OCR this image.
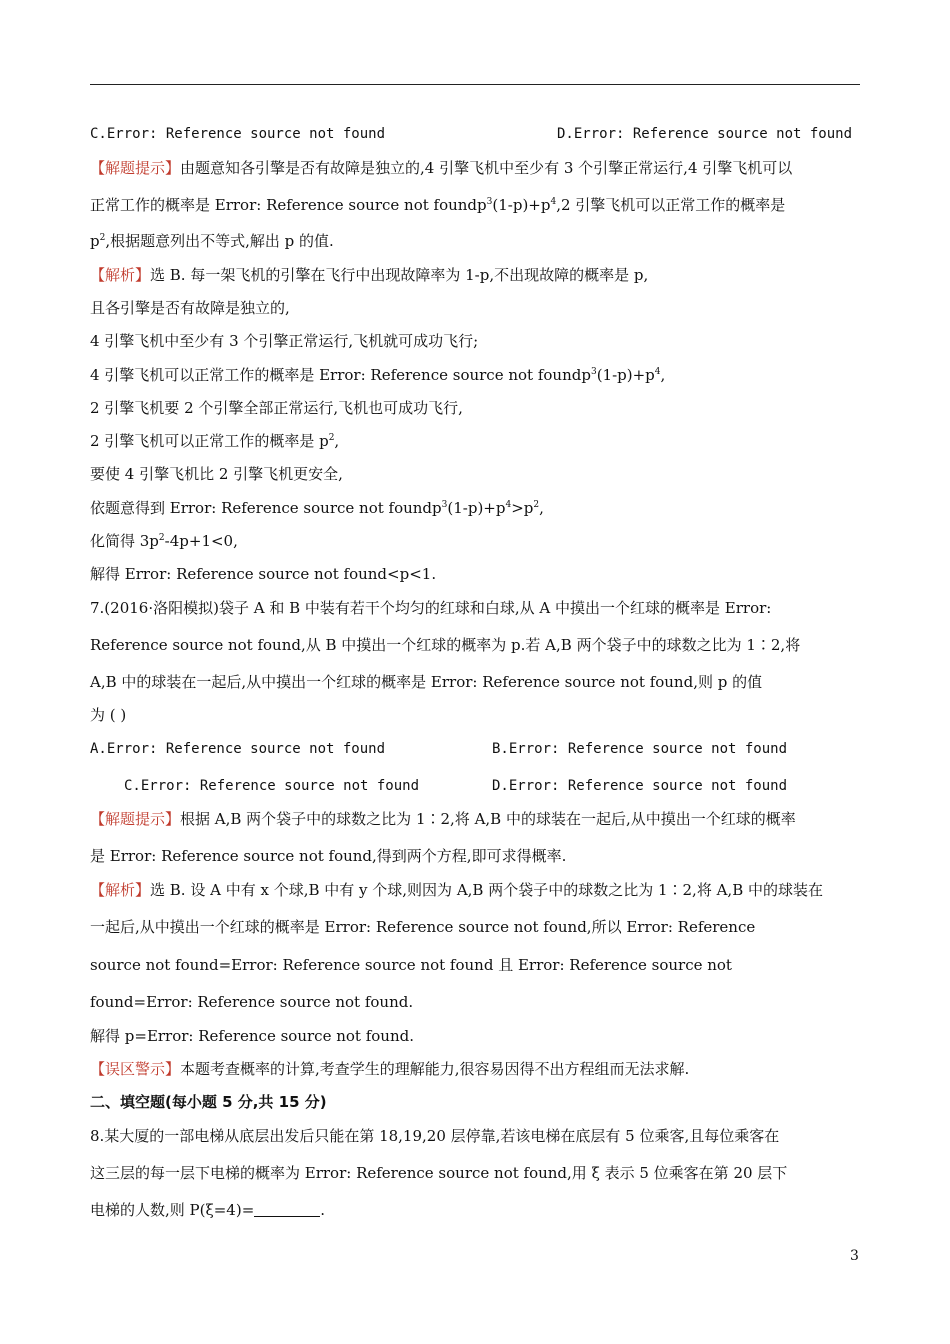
C.Error: Reference source not found	D.Error: Reference source not found
【解题提示】由题意知各引擎是否有故障是独立的,4 引擎飞机中至少有 3 个引擎正常运行,4 引擎飞机可以
正常工作的概率是 Error: Reference source not $foundp^3(1-p)+p^4,2$ 引擎飞机可以正常工作的概率是
$p^2$,根据题意列出不等式,解出 p 的值.
【解析】选 B. 每一架飞机的引擎在飞行中出现故障率为 1-p,不出现故障的概率是 p,
且各引擎是否有故障是独立的,
4 引擎飞机中至少有 3 个引擎正常运行,飞机就可成功飞行;
4 引擎飞机可以正常工作的概率是 Error: Reference source not $foundp^3(1-p)+p^4$,
2 引擎飞机要 2 个引擎全部正常运行,飞机也可成功飞行,
2 引擎飞机可以正常工作的概率是 $p^2$,
要使 4 引擎飞机比 2 引擎飞机更安全,
依题意得到 Error: Reference source not $foundp^3(1-p)+p^4>p^2$,
化简得 $3p^2-4p+1<0$,
解得 Error: Reference source not found<p<1.
7.(2016·洛阳模拟)袋子 A 和 B 中装有若干个均匀的红球和白球,从 A 中摸出一个红球的概率是 Error:
Reference source not found,从 B 中摸出一个红球的概率为 p.若 A,B 两个袋子中的球数之比为 1∶2,将
A,B 中的球装在一起后,从中摸出一个红球的概率是 Error: Reference source not found,则 p 的值
为 ( )
A.Error: Reference source not found	B.Error: Reference source not found
C.Error: Reference source not found	D.Error: Reference source not found
【解题提示】根据 A,B 两个袋子中的球数之比为 1∶2,将 A,B 中的球装在一起后,从中摸出一个红球的概率
是 Error: Reference source not found,得到两个方程,即可求得概率.
【解析】选 B. 设 A 中有 x 个球,B 中有 y 个球,则因为 A,B 两个袋子中的球数之比为 1∶2,将 A,B 中的球装在
一起后,从中摸出一个红球的概率是 Error: Reference source not found,所以 Error: Reference
source not found=Error: Reference source not found 且 Error: Reference source not
found=Error: Reference source not found.
解得 p=Error: Reference source not found.
【误区警示】本题考查概率的计算,考查学生的理解能力,很容易因得不出方程组而无法求解.
二、填空题(每小题 5 分,共 15 分)
8.某大厦的一部电梯从底层出发后只能在第 18,19,20 层停靠,若该电梯在底层有 5 位乘客,且每位乘客在
这三层的每一层下电梯的概率为 Error: Reference source not found,用 ξ 表示 5 位乘客在第 20 层下
电梯的人数,则 P(ξ=4)=	.
3
